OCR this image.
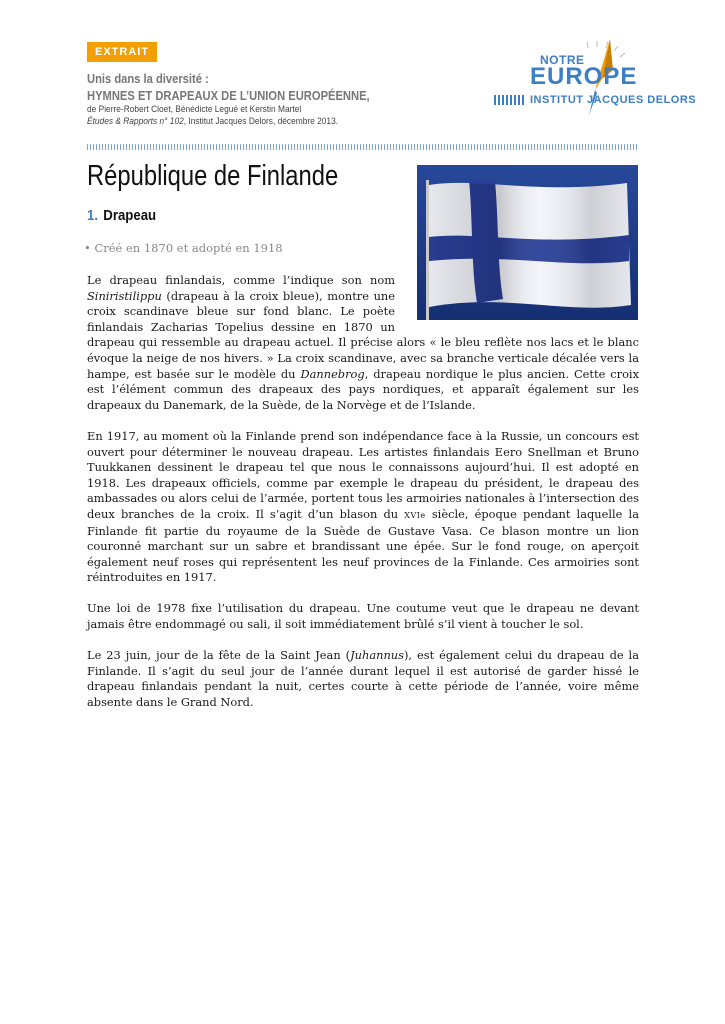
EXTRAIT
Unis dans la diversité :
HYMNES ET DRAPEAUX DE L’UNION EUROPÉENNE,
de Pierre-Robert Cloet, Bénédicte Legué et Kerstin Martel
Études & Rapports n° 102, Institut Jacques Delors, décembre 2013.
NOTRE
EUROPE
INSTITUT JACQUES DELORS
République de Finlande
1. Drapeau
• Créé en 1870 et adopté en 1918

Le drapeau finlandais, comme l’indique son nom Siniristilippu (drapeau à la croix bleue), montre une croix scandinave bleue sur fond blanc. Le poète finlandais Zacharias Topelius dessine en 1870 un drapeau qui ressemble au drapeau actuel. Il précise alors « le bleu reflète nos lacs et le blanc évoque la neige de nos hivers. » La croix scandinave, avec sa branche verticale décalée vers la hampe, est basée sur le modèle du Dannebrog, drapeau nordique le plus ancien. Cette croix est l’élément commun des drapeaux des pays nordiques, et apparaît également sur les drapeaux du Danemark, de la Suède, de la Norvège et de l’Islande.

En 1917, au moment où la Finlande prend son indépendance face à la Russie, un concours est ouvert pour déterminer le nouveau drapeau. Les artistes finlandais Eero Snellman et Bruno Tuukkanen dessinent le drapeau tel que nous le connaissons aujourd’hui. Il est adopté en 1918. Les drapeaux officiels, comme par exemple le drapeau du président, le drapeau des ambassades ou alors celui de l’armée, portent tous les armoiries nationales à l’intersection des deux branches de la croix. Il s’agit d’un blason du XVIe siècle, époque pendant laquelle la Finlande fit partie du royaume de la Suède de Gustave Vasa. Ce blason montre un lion couronné marchant sur un sabre et brandissant une épée. Sur le fond rouge, on aperçoit également neuf roses qui représentent les neuf provinces de la Finlande. Ces armoiries sont réintroduites en 1917.

Une loi de 1978 fixe l’utilisation du drapeau. Une coutume veut que le drapeau ne devant jamais être endommagé ou sali, il soit immédiatement brûlé s’il vient à toucher le sol.

Le 23 juin, jour de la fête de la Saint Jean (Juhannus), est également celui du drapeau de la Finlande. Il s’agit du seul jour de l’année durant lequel il est autorisé de garder hissé le drapeau finlandais pendant la nuit, certes courte à cette période de l’année, voire même absente dans le Grand Nord.
